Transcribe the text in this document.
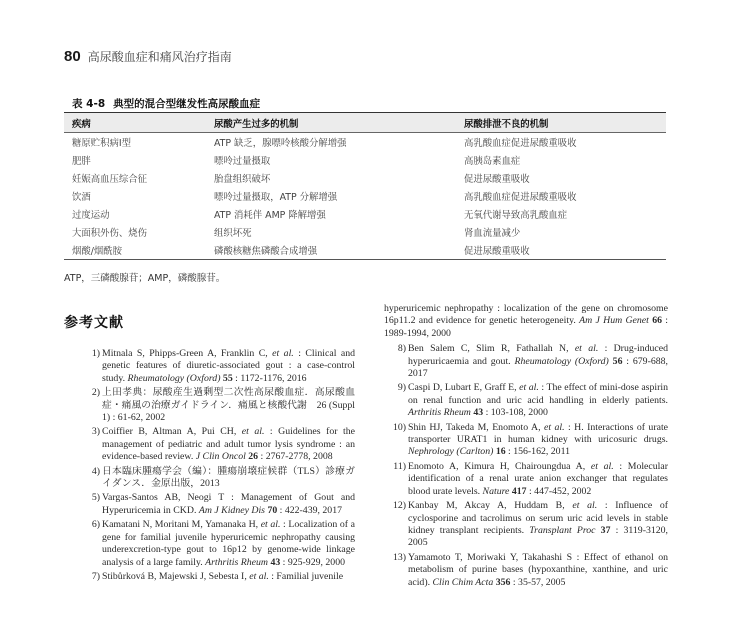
80 高尿酸血症和痛风治疗指南
表 4-8 典型的混合型继发性高尿酸血症
疾病	尿酸产生过多的机制	尿酸排泄不良的机制
糖原贮积病Ⅰ型	ATP 缺乏，腺嘌呤核酸分解增强	高乳酸血症促进尿酸重吸收
肥胖	嘌呤过量摄取	高胰岛素血症
妊娠高血压综合征	胎盘组织破坏	促进尿酸重吸收
饮酒	嘌呤过量摄取，ATP 分解增强	高乳酸血症促进尿酸重吸收
过度运动	ATP 消耗伴 AMP 降解增强	无氧代谢导致高乳酸血症
大面积外伤、烧伤	组织坏死	肾血流量减少
烟酸/烟酰胺	磷酸核糖焦磷酸合成增强	促进尿酸重吸收
ATP，三磷酸腺苷；AMP，磷酸腺苷。
参考文献
1) Mitnala S, Phipps-Green A, Franklin C, et al. : Clinical and genetic features of diuretic-associated gout : a case-control study. Rheumatology (Oxford) 55 : 1172-1176, 2016
2) 上田孝典：尿酸産生過剰型二次性高尿酸血症．高尿酸血症・痛風の治療ガイドライン．痛風と核酸代謝　26 (Suppl 1) : 61-62, 2002
3) Coiffier B, Altman A, Pui CH, et al. : Guidelines for the management of pediatric and adult tumor lysis syndrome : an evidence-based review. J Clin Oncol 26 : 2767-2778, 2008
4) 日本臨床腫瘍学会（編）：腫瘍崩壊症候群（TLS）診療ガイダンス．金原出版，2013
5) Vargas-Santos AB, Neogi T : Management of Gout and Hyperuricemia in CKD. Am J Kidney Dis 70 : 422-439, 2017
6) Kamatani N, Moritani M, Yamanaka H, et al. : Localization of a gene for familial juvenile hyperuricemic nephropathy causing underexcretion-type gout to 16p12 by genome-wide linkage analysis of a large family. Arthritis Rheum 43 : 925-929, 2000
7) Stibůrková B, Majewski J, Sebesta I, et al. : Familial juvenile
hyperuricemic nephropathy : localization of the gene on chromosome 16p11.2 and evidence for genetic heterogeneity. Am J Hum Genet 66 : 1989-1994, 2000
8) Ben Salem C, Slim R, Fathallah N, et al. : Drug-induced hyperuricaemia and gout. Rheumatology (Oxford) 56 : 679-688, 2017
9) Caspi D, Lubart E, Graff E, et al. : The effect of mini-dose aspirin on renal function and uric acid handling in elderly patients. Arthritis Rheum 43 : 103-108, 2000
10) Shin HJ, Takeda M, Enomoto A, et al. : H. Interactions of urate transporter URAT1 in human kidney with uricosuric drugs. Nephrology (Carlton) 16 : 156-162, 2011
11) Enomoto A, Kimura H, Chairoungdua A, et al. : Molecular identification of a renal urate anion exchanger that regulates blood urate levels. Nature 417 : 447-452, 2002
12) Kanbay M, Akcay A, Huddam B, et al. : Influence of cyclosporine and tacrolimus on serum uric acid levels in stable kidney transplant recipients. Transplant Proc 37 : 3119-3120, 2005
13) Yamamoto T, Moriwaki Y, Takahashi S : Effect of ethanol on metabolism of purine bases (hypoxanthine, xanthine, and uric acid). Clin Chim Acta 356 : 35-57, 2005
